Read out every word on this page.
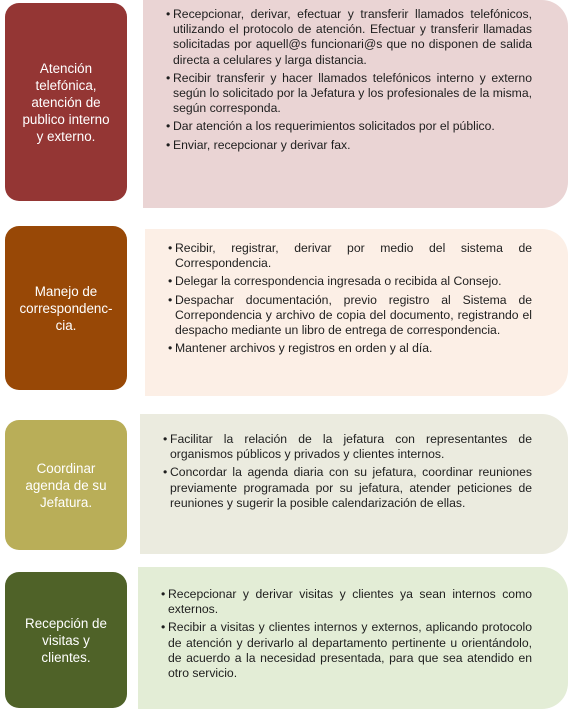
Atención
telefónica,
atención de
publico interno
y externo.
• Recepcionar, derivar, efectuar y transferir llamados telefónicos, utilizando el protocolo de atención. Efectuar y transferir llamadas solicitadas por aquell@s funcionari@s que no disponen de salida directa a celulares y larga distancia.
• Recibir transferir y hacer llamados telefónicos interno y externo según lo solicitado por la Jefatura y los profesionales de la misma, según corresponda.
• Dar atención a los requerimientos solicitados por el público.
• Enviar, recepcionar y derivar fax.
Manejo de
correspondenc-
cia.
• Recibir, registrar, derivar por medio del sistema de Correspondencia.
• Delegar la correspondencia ingresada o recibida al Consejo.
• Despachar documentación, previo registro al Sistema de Correpondencia y archivo de copia del documento, registrando el despacho mediante un libro de entrega de correspondencia.
• Mantener archivos y registros en orden y al día.
Coordinar
agenda de su
Jefatura.
• Facilitar la relación de la jefatura con representantes de organismos públicos y privados y clientes internos.
• Concordar la agenda diaria con su jefatura, coordinar reuniones previamente programada por su jefatura, atender peticiones de reuniones y sugerir la posible calendarización de ellas.
Recepción de
visitas y
clientes.
• Recepcionar y derivar visitas y clientes ya sean internos como externos.
• Recibir a visitas y clientes internos y externos, aplicando protocolo de atención y derivarlo al departamento pertinente u orientándolo, de acuerdo a la necesidad presentada, para que sea atendido en otro servicio.
